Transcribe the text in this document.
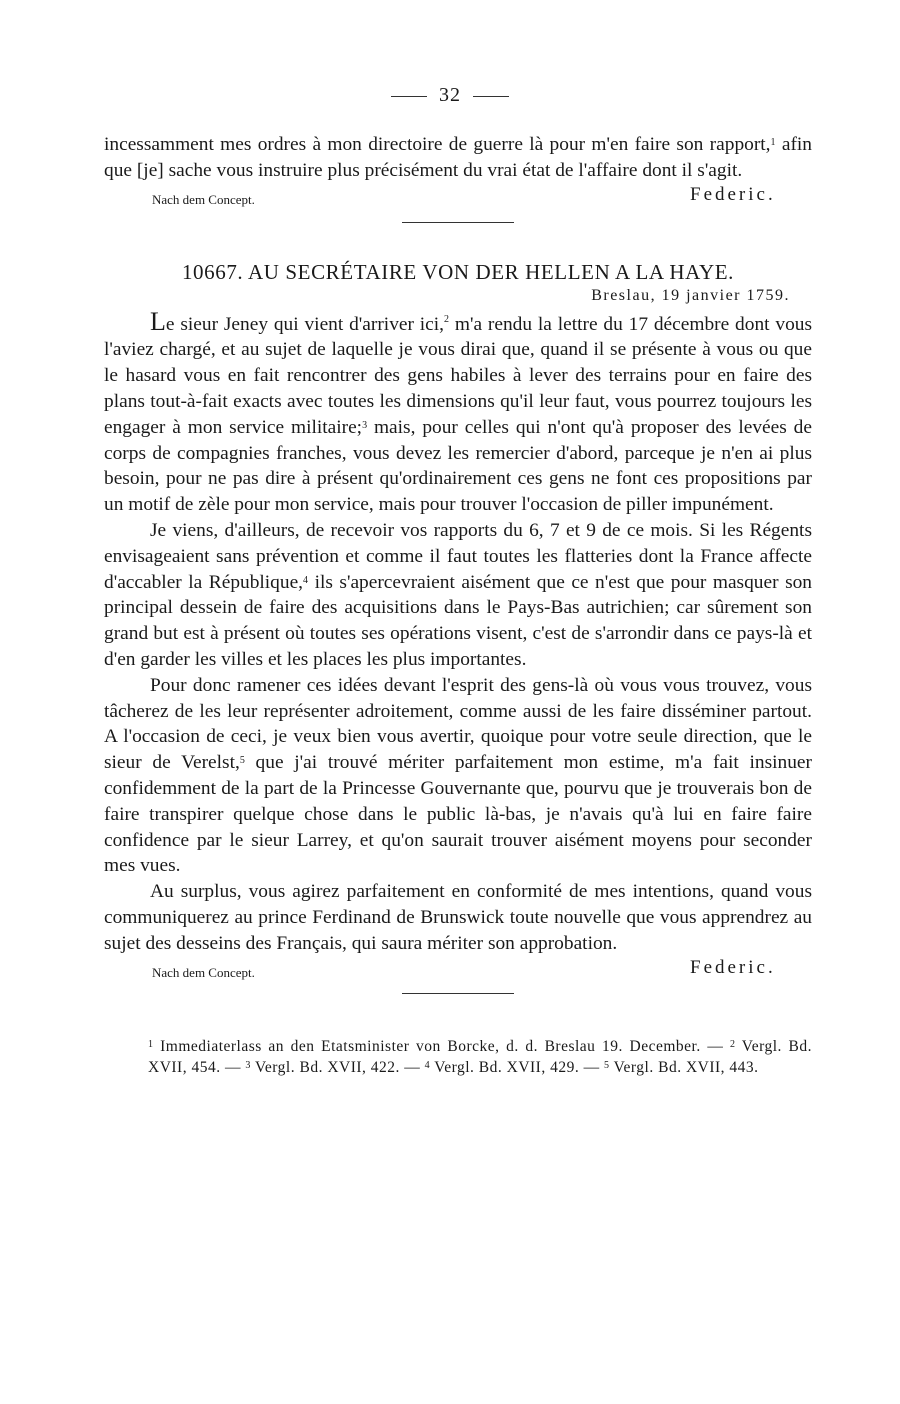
32

incessamment mes ordres à mon directoire de guerre là pour m'en faire son rapport,$^1$ afin que [je] sache vous instruire plus précisément du vrai état de l'affaire dont il s'agit.

Nach dem Concept.	Federic.
10667. AU SECRÉTAIRE VON DER HELLEN A LA HAYE.
Breslau, 19 janvier 1759.

Le sieur Jeney qui vient d'arriver ici,$^2$ m'a rendu la lettre du 17 décembre dont vous l'aviez chargé, et au sujet de laquelle je vous dirai que, quand il se présente à vous ou que le hasard vous en fait rencontrer des gens habiles à lever des terrains pour en faire des plans tout-à-fait exacts avec toutes les dimensions qu'il leur faut, vous pourrez toujours les engager à mon service militaire;$^3$ mais, pour celles qui n'ont qu'à proposer des levées de corps de compagnies franches, vous devez les remercier d'abord, parceque je n'en ai plus besoin, pour ne pas dire à présent qu'ordinairement ces gens ne font ces propositions par un motif de zèle pour mon service, mais pour trouver l'occasion de piller impunément.

Je viens, d'ailleurs, de recevoir vos rapports du 6, 7 et 9 de ce mois. Si les Régents envisageaient sans prévention et comme il faut toutes les flatteries dont la France affecte d'accabler la République,$^4$ ils s'apercevraient aisément que ce n'est que pour masquer son principal dessein de faire des acquisitions dans le Pays-Bas autrichien; car sûrement son grand but est à présent où toutes ses opérations visent, c'est de s'arrondir dans ce pays-là et d'en garder les villes et les places les plus importantes.

Pour donc ramener ces idées devant l'esprit des gens-là où vous vous trouvez, vous tâcherez de les leur représenter adroitement, comme aussi de les faire disséminer partout. A l'occasion de ceci, je veux bien vous avertir, quoique pour votre seule direction, que le sieur de Verelst,$^5$ que j'ai trouvé mériter parfaitement mon estime, m'a fait insinuer confidemment de la part de la Princesse Gouvernante que, pourvu que je trouverais bon de faire transpirer quelque chose dans le public là-bas, je n'avais qu'à lui en faire faire confidence par le sieur Larrey, et qu'on saurait trouver aisément moyens pour seconder mes vues.

Au surplus, vous agirez parfaitement en conformité de mes intentions, quand vous communiquerez au prince Ferdinand de Brunswick toute nouvelle que vous apprendrez au sujet des desseins des Français, qui saura mériter son approbation.

Nach dem Concept.	Federic.

$^1$ Immediaterlass an den Etatsminister von Borcke, d. d. Breslau 19. December. — $^2$ Vergl. Bd. XVII, 454. — $^3$ Vergl. Bd. XVII, 422. — $^4$ Vergl. Bd. XVII, 429. — $^5$ Vergl. Bd. XVII, 443.
